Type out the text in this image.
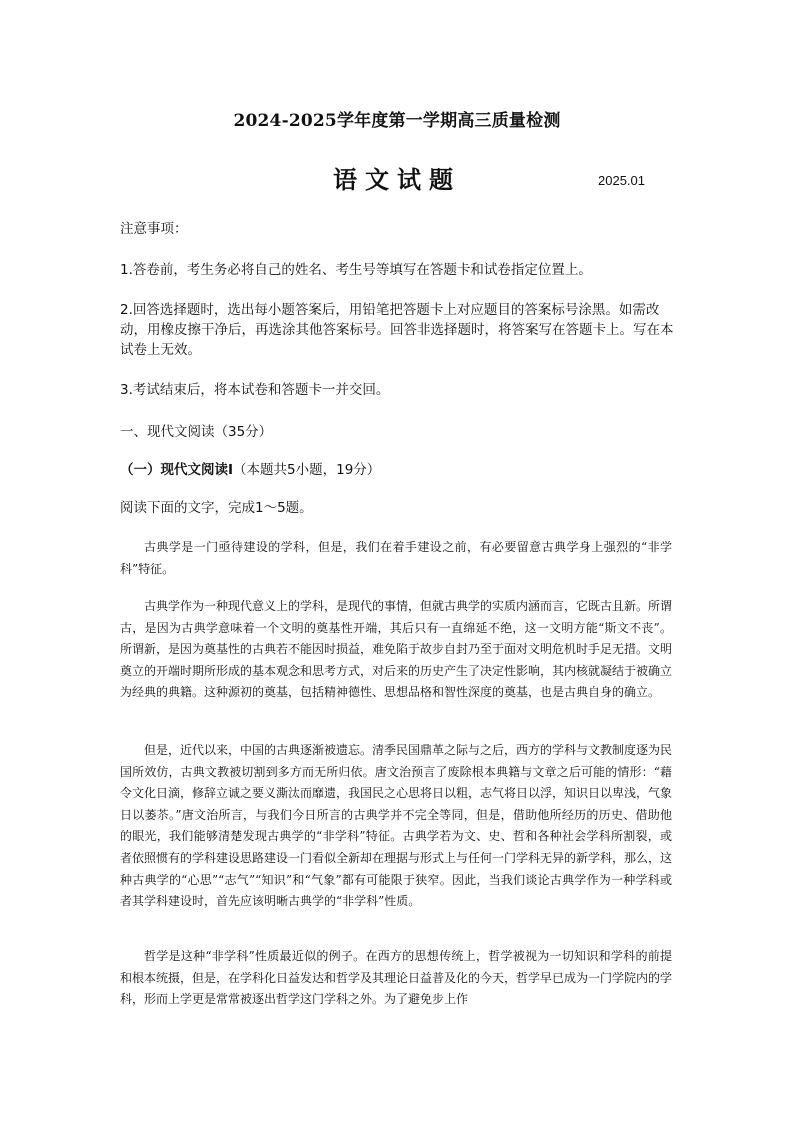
2024-2025学年度第一学期高三质量检测
语文试题	2025.01
注意事项：
1.答卷前，考生务必将自己的姓名、考生号等填写在答题卡和试卷指定位置上。
2.回答选择题时，选出每小题答案后，用铅笔把答题卡上对应题目的答案标号涂黑。如需改动，用橡皮擦干净后，再选涂其他答案标号。回答非选择题时，将答案写在答题卡上。写在本试卷上无效。
3.考试结束后，将本试卷和答题卡一并交回。
一、现代文阅读（35分）
（一）现代文阅读Ⅰ（本题共5小题，19分）
阅读下面的文字，完成1～5题。

古典学是一门亟待建设的学科，但是，我们在着手建设之前，有必要留意古典学身上强烈的“非学科”特征。

古典学作为一种现代意义上的学科，是现代的事情，但就古典学的实质内涵而言，它既古且新。所谓古，是因为古典学意味着一个文明的奠基性开端，其后只有一直绵延不绝，这一文明方能“斯文不丧”。所谓新，是因为奠基性的古典若不能因时损益，难免陷于故步自封乃至于面对文明危机时手足无措。文明奠立的开端时期所形成的基本观念和思考方式，对后来的历史产生了决定性影响，其内核就凝结于被确立为经典的典籍。这种源初的奠基，包括精神德性、思想品格和智性深度的奠基，也是古典自身的确立。

但是，近代以来，中国的古典逐渐被遗忘。清季民国鼎革之际与之后，西方的学科与文教制度逐为民国所效仿，古典文教被切割到多方而无所归依。唐文治预言了废除根本典籍与文章之后可能的情形：“藉令文化日滴，修辞立诚之要义澌汰而靡遗，我国民之心思将日以粗，志气将日以浮，知识日以卑浅，气象日以萎苶。”唐文治所言，与我们今日所言的古典学并不完全等同，但是，借助他所经历的历史、借助他的眼光，我们能够清楚发现古典学的“非学科”特征。古典学若为文、史、哲和各种社会学科所割裂，或者依照惯有的学科建设思路建设一门看似全新却在理据与形式上与任何一门学科无异的新学科，那么，这种古典学的“心思”“志气”“知识”和“气象”都有可能限于狭窄。因此，当我们谈论古典学作为一种学科或者其学科建设时，首先应该明晰古典学的“非学科”性质。

哲学是这种“非学科”性质最近似的例子。在西方的思想传统上，哲学被视为一切知识和学科的前提和根本统摄，但是，在学科化日益发达和哲学及其理论日益普及化的今天，哲学早已成为一门学院内的学科，形而上学更是常常被逐出哲学这门学科之外。为了避免步上作
